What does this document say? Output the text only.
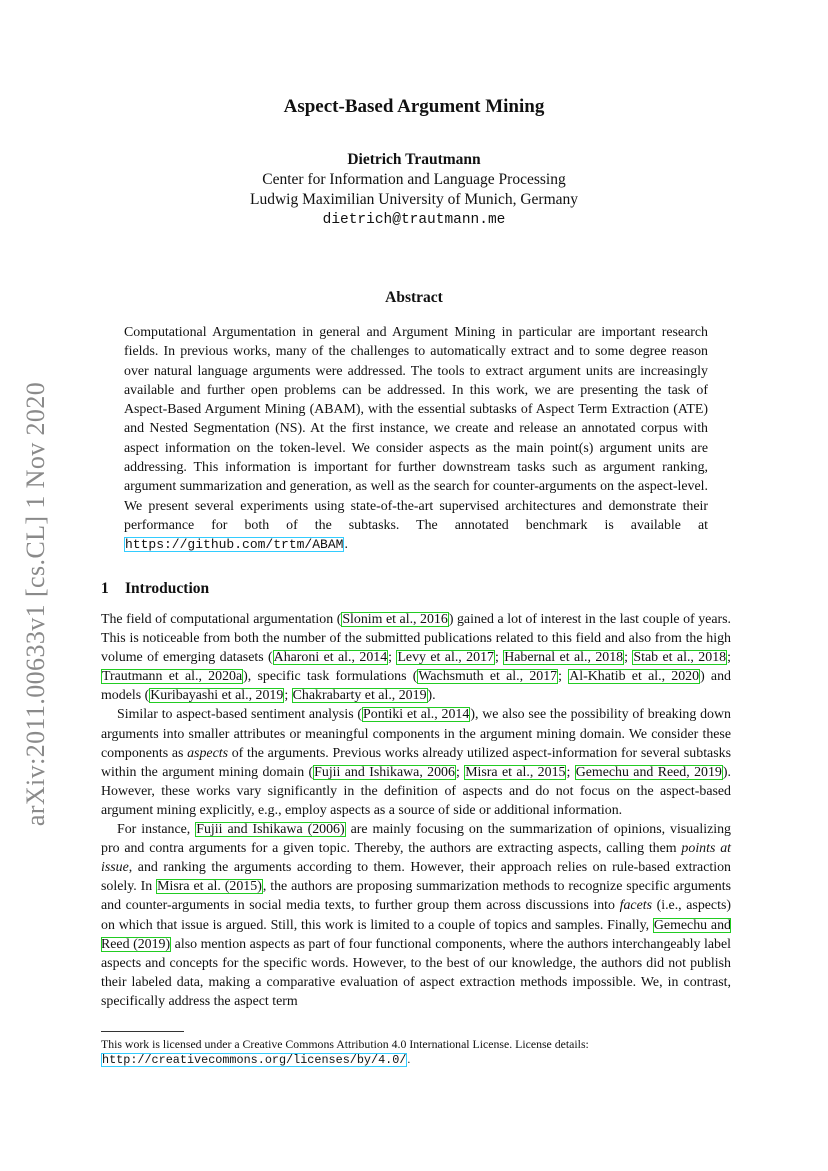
arXiv:2011.00633v1 [cs.CL] 1 Nov 2020
Aspect-Based Argument Mining
Dietrich Trautmann
Center for Information and Language Processing
Ludwig Maximilian University of Munich, Germany
dietrich@trautmann.me
Abstract

Computational Argumentation in general and Argument Mining in particular are important research fields. In previous works, many of the challenges to automatically extract and to some degree reason over natural language arguments were addressed. The tools to extract argument units are increasingly available and further open problems can be addressed. In this work, we are presenting the task of Aspect-Based Argument Mining (ABAM), with the essential subtasks of Aspect Term Extraction (ATE) and Nested Segmentation (NS). At the first instance, we create and release an annotated corpus with aspect information on the token-level. We consider aspects as the main point(s) argument units are addressing. This information is important for further downstream tasks such as argument ranking, argument summarization and generation, as well as the search for counter-arguments on the aspect-level. We present several experiments using state-of-the-art supervised architectures and demonstrate their performance for both of the subtasks. The annotated benchmark is available at https://github.com/trtm/ABAM.

1 Introduction

The field of computational argumentation (Slonim et al., 2016) gained a lot of interest in the last couple of years. This is noticeable from both the number of the submitted publications related to this field and also from the high volume of emerging datasets (Aharoni et al., 2014; Levy et al., 2017; Habernal et al., 2018; Stab et al., 2018; Trautmann et al., 2020a), specific task formulations (Wachsmuth et al., 2017; Al-Khatib et al., 2020) and models (Kuribayashi et al., 2019; Chakrabarty et al., 2019).

Similar to aspect-based sentiment analysis (Pontiki et al., 2014), we also see the possibility of breaking down arguments into smaller attributes or meaningful components in the argument mining domain. We consider these components as aspects of the arguments. Previous works already utilized aspect-information for several subtasks within the argument mining domain (Fujii and Ishikawa, 2006; Misra et al., 2015; Gemechu and Reed, 2019). However, these works vary significantly in the definition of aspects and do not focus on the aspect-based argument mining explicitly, e.g., employ aspects as a source of side or additional information.

For instance, Fujii and Ishikawa (2006) are mainly focusing on the summarization of opinions, visualizing pro and contra arguments for a given topic. Thereby, the authors are extracting aspects, calling them points at issue, and ranking the arguments according to them. However, their approach relies on rule-based extraction solely. In Misra et al. (2015), the authors are proposing summarization methods to recognize specific arguments and counter-arguments in social media texts, to further group them across discussions into facets (i.e., aspects) on which that issue is argued. Still, this work is limited to a couple of topics and samples. Finally, Gemechu and Reed (2019) also mention aspects as part of four functional components, where the authors interchangeably label aspects and concepts for the specific words. However, to the best of our knowledge, the authors did not publish their labeled data, making a comparative evaluation of aspect extraction methods impossible. We, in contrast, specifically address the aspect term

This work is licensed under a Creative Commons Attribution 4.0 International License. License details:
http://creativecommons.org/licenses/by/4.0/.
